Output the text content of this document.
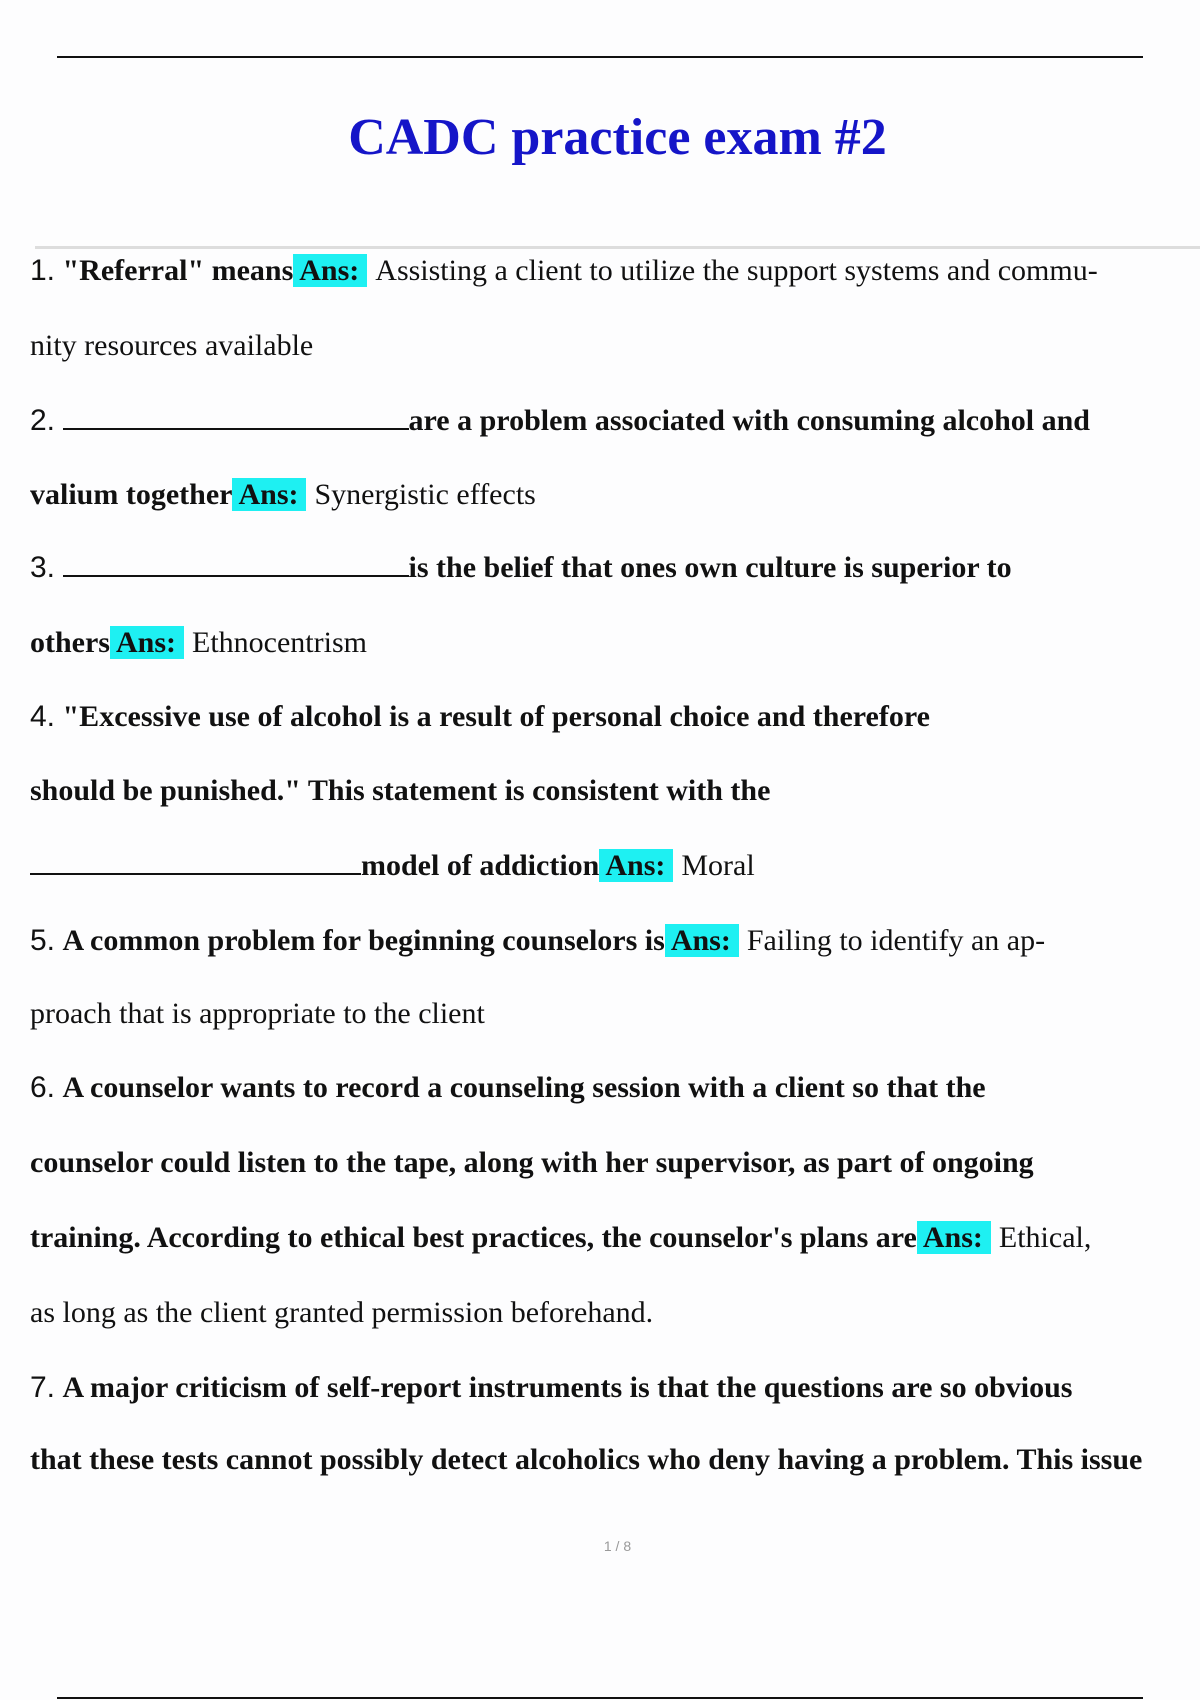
CADC practice exam #2
1. "Referral" means Ans: Assisting a client to utilize the support systems and commu-
nity resources available
2.	are a problem associated with consuming alcohol and
valium together Ans: Synergistic effects
3.	is the belief that ones own culture is superior to
others Ans: Ethnocentrism
4. "Excessive use of alcohol is a result of personal choice and therefore
should be punished." This statement is consistent with the
model of addiction Ans: Moral
5. A common problem for beginning counselors is Ans: Failing to identify an ap-
proach that is appropriate to the client
6. A counselor wants to record a counseling session with a client so that the
counselor could listen to the tape, along with her supervisor, as part of ongoing
training. According to ethical best practices, the counselor's plans are Ans: Ethical,
as long as the client granted permission beforehand.
7. A major criticism of self-report instruments is that the questions are so obvious
that these tests cannot possibly detect alcoholics who deny having a problem. This issue
1 / 8
